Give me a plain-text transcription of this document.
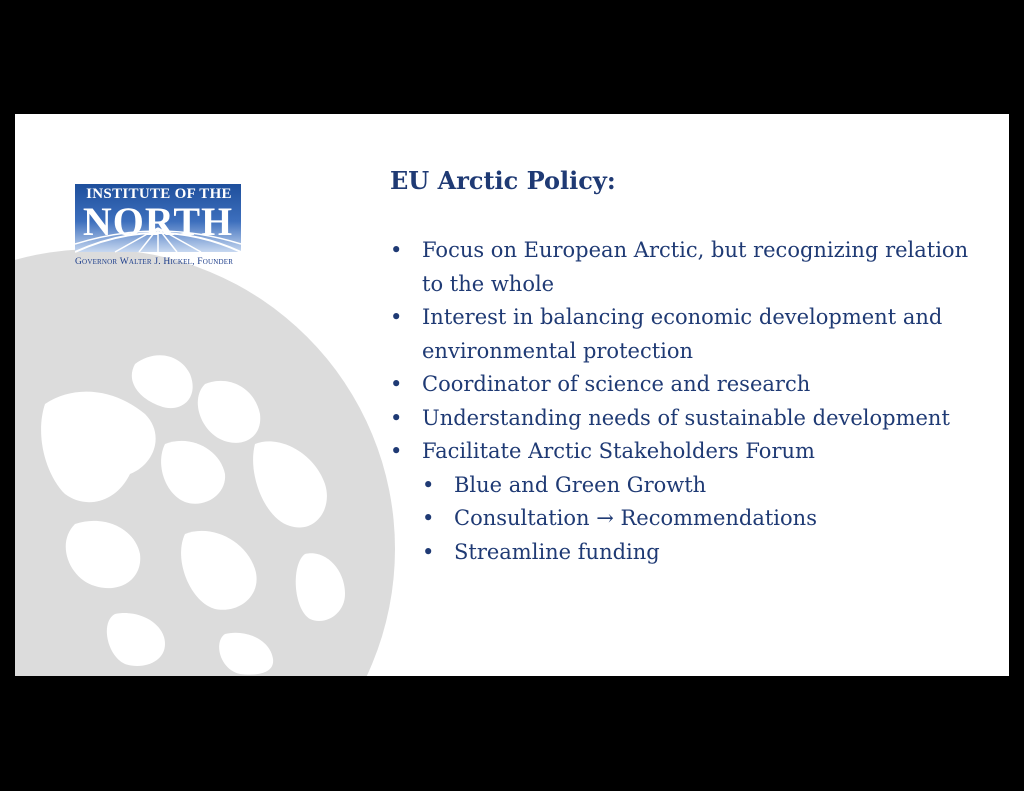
INSTITUTE OF THE
NORTH
Governor Walter J. Hickel, Founder
EU Arctic Policy:
• Focus on European Arctic, but recognizing relation to the whole
• Interest in balancing economic development and environmental protection
• Coordinator of science and research
• Understanding needs of sustainable development
• Facilitate Arctic Stakeholders Forum
• Blue and Green Growth
• Consultation → Recommendations
• Streamline funding
